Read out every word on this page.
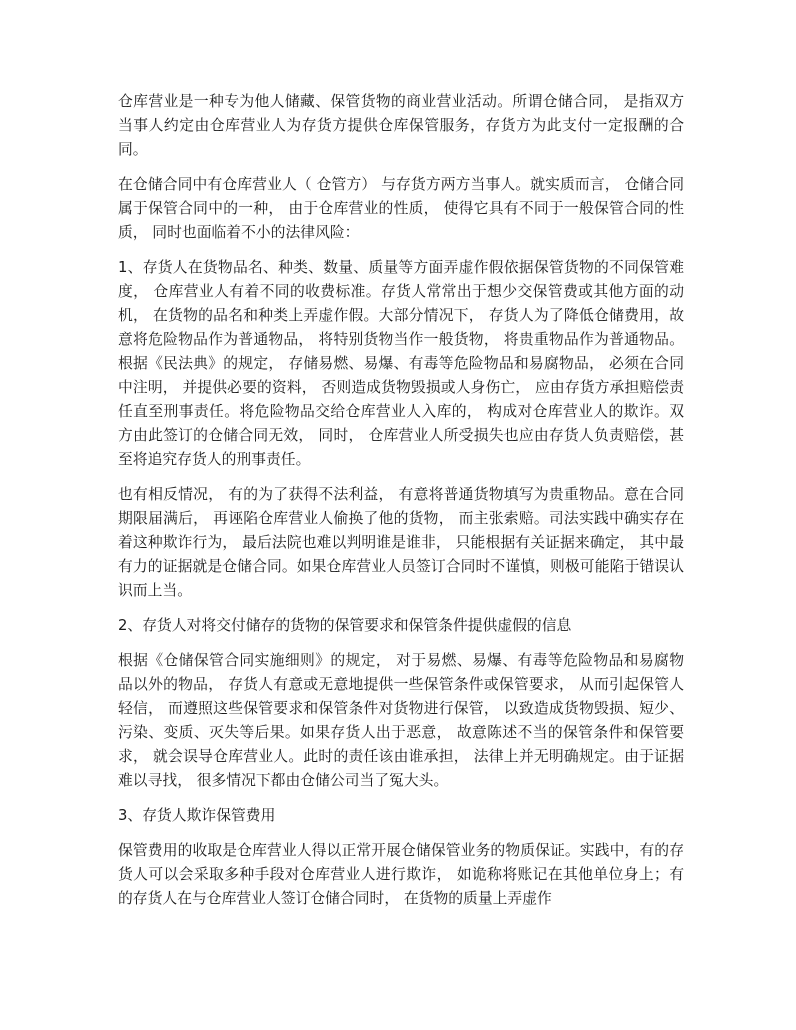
仓库营业是一种专为他人储藏、保管货物的商业营业活动。所谓仓储合同， 是指双方当事人约定由仓库营业人为存货方提供仓库保管服务，存货方为此支付一定报酬的合同。

在仓储合同中有仓库营业人（ 仓管方） 与存货方两方当事人。就实质而言， 仓储合同属于保管合同中的一种， 由于仓库营业的性质， 使得它具有不同于一般保管合同的性质， 同时也面临着不小的法律风险：

1、存货人在货物品名、种类、数量、质量等方面弄虚作假依据保管货物的不同保管难度， 仓库营业人有着不同的收费标准。存货人常常出于想少交保管费或其他方面的动机， 在货物的品名和种类上弄虚作假。大部分情况下， 存货人为了降低仓储费用，故意将危险物品作为普通物品， 将特别货物当作一般货物， 将贵重物品作为普通物品。根据《民法典》的规定， 存储易燃、易爆、有毒等危险物品和易腐物品， 必须在合同中注明， 并提供必要的资料， 否则造成货物毁损或人身伤亡， 应由存货方承担赔偿责任直至刑事责任。将危险物品交给仓库营业人入库的， 构成对仓库营业人的欺诈。双方由此签订的仓储合同无效， 同时， 仓库营业人所受损失也应由存货人负责赔偿，甚至将追究存货人的刑事责任。

也有相反情况， 有的为了获得不法利益， 有意将普通货物填写为贵重物品。意在合同期限届满后， 再诬陷仓库营业人偷换了他的货物， 而主张索赔。司法实践中确实存在着这种欺诈行为， 最后法院也难以判明谁是谁非， 只能根据有关证据来确定， 其中最有力的证据就是仓储合同。如果仓库营业人员签订合同时不谨慎，则极可能陷于错误认识而上当。

2、存货人对将交付储存的货物的保管要求和保管条件提供虚假的信息

根据《仓储保管合同实施细则》的规定， 对于易燃、易爆、有毒等危险物品和易腐物品以外的物品， 存货人有意或无意地提供一些保管条件或保管要求， 从而引起保管人轻信， 而遵照这些保管要求和保管条件对货物进行保管， 以致造成货物毁损、短少、污染、变质、灭失等后果。如果存货人出于恶意， 故意陈述不当的保管条件和保管要求， 就会误导仓库营业人。此时的责任该由谁承担， 法律上并无明确规定。由于证据难以寻找， 很多情况下都由仓储公司当了冤大头。

3、存货人欺诈保管费用

保管费用的收取是仓库营业人得以正常开展仓储保管业务的物质保证。实践中，有的存货人可以会采取多种手段对仓库营业人进行欺诈， 如诡称将账记在其他单位身上；有的存货人在与仓库营业人签订仓储合同时， 在货物的质量上弄虚作
